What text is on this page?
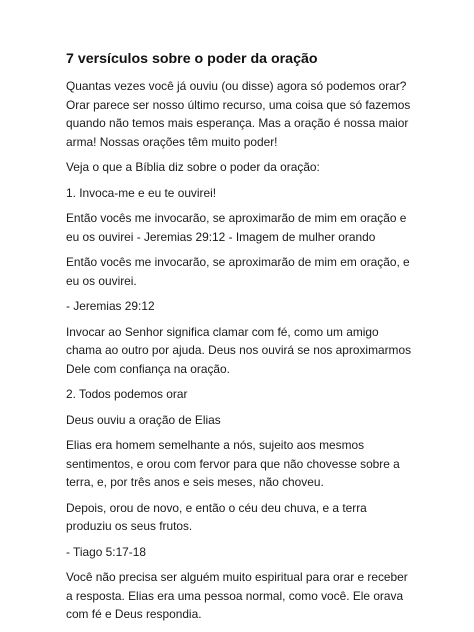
7 versículos sobre o poder da oração

Quantas vezes você já ouviu (ou disse) agora só podemos orar?
Orar parece ser nosso último recurso, uma coisa que só fazemos
quando não temos mais esperança. Mas a oração é nossa maior
arma! Nossas orações têm muito poder!

Veja o que a Bíblia diz sobre o poder da oração:

1. Invoca-me e eu te ouvirei!

Então vocês me invocarão, se aproximarão de mim em oração e
eu os ouvirei - Jeremias 29:12 - Imagem de mulher orando

Então vocês me invocarão, se aproximarão de mim em oração, e
eu os ouvirei.

- Jeremias 29:12

Invocar ao Senhor significa clamar com fé, como um amigo
chama ao outro por ajuda. Deus nos ouvirá se nos aproximarmos
Dele com confiança na oração.

2. Todos podemos orar

Deus ouviu a oração de Elias

Elias era homem semelhante a nós, sujeito aos mesmos
sentimentos, e orou com fervor para que não chovesse sobre a
terra, e, por três anos e seis meses, não choveu.

Depois, orou de novo, e então o céu deu chuva, e a terra
produziu os seus frutos.

- Tiago 5:17-18

Você não precisa ser alguém muito espiritual para orar e receber
a resposta. Elias era uma pessoa normal, como você. Ele orava
com fé e Deus respondia.
